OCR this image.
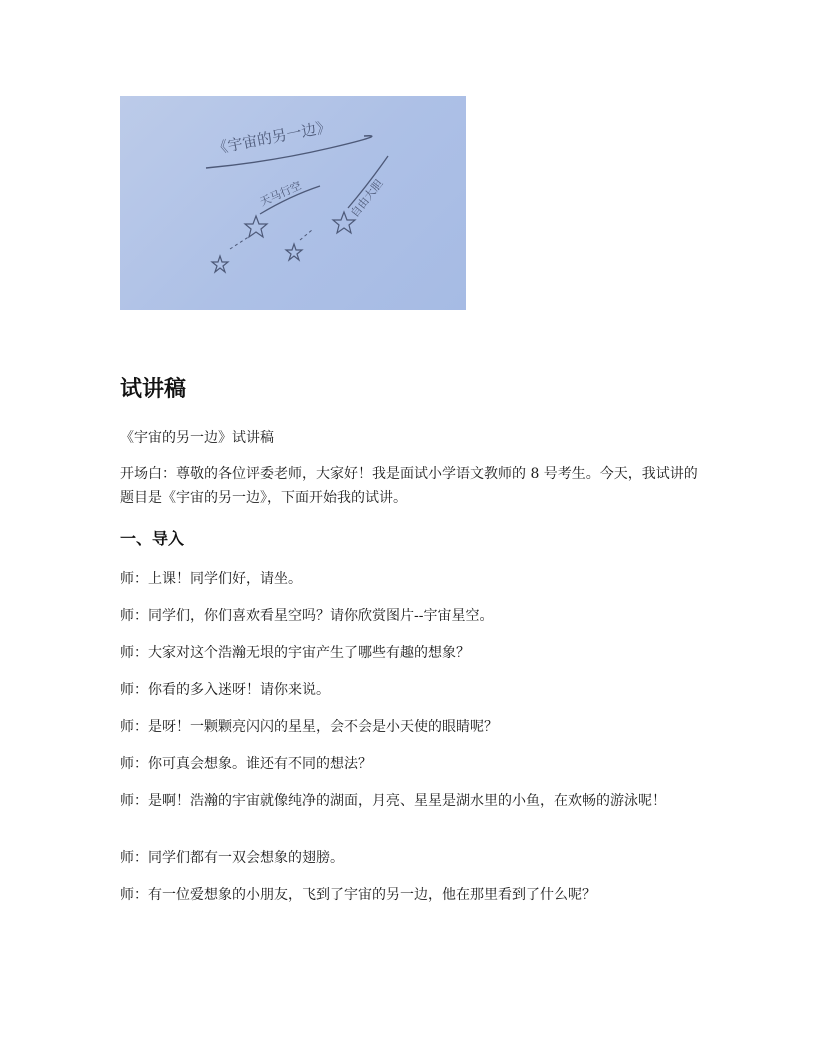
《宇宙的另一边》
天马行空	自由大胆
试讲稿

《宇宙的另一边》试讲稿

开场白：尊敬的各位评委老师，大家好！我是面试小学语文教师的 8 号考生。今天，我试讲的题目是《宇宙的另一边》，下面开始我的试讲。

一、导入

师：上课！同学们好，请坐。

师：同学们，你们喜欢看星空吗？请你欣赏图片--宇宙星空。

师：大家对这个浩瀚无垠的宇宙产生了哪些有趣的想象？

师：你看的多入迷呀！请你来说。

师：是呀！一颗颗亮闪闪的星星，会不会是小天使的眼睛呢？

师：你可真会想象。谁还有不同的想法？

师：是啊！浩瀚的宇宙就像纯净的湖面，月亮、星星是湖水里的小鱼，在欢畅的游泳呢！

师：同学们都有一双会想象的翅膀。

师：有一位爱想象的小朋友，飞到了宇宙的另一边，他在那里看到了什么呢？
